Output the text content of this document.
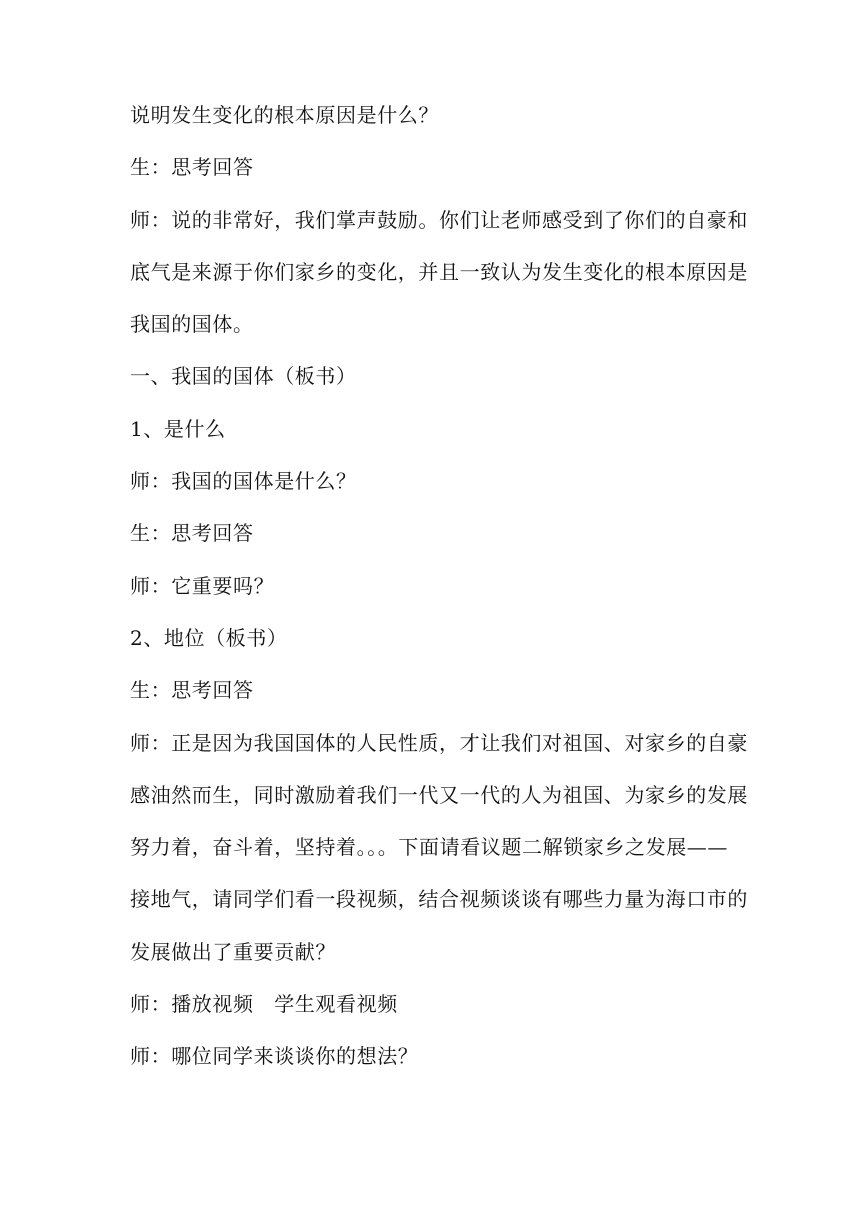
说明发生变化的根本原因是什么？

生：思考回答

师：说的非常好，我们掌声鼓励。你们让老师感受到了你们的自豪和

底气是来源于你们家乡的变化，并且一致认为发生变化的根本原因是

我国的国体。

一、我国的国体（板书）

1、是什么

师：我国的国体是什么？

生：思考回答

师：它重要吗？

2、地位（板书）

生：思考回答

师：正是因为我国国体的人民性质，才让我们对祖国、对家乡的自豪

感油然而生，同时激励着我们一代又一代的人为祖国、为家乡的发展

努力着，奋斗着，坚持着。。。下面请看议题二解锁家乡之发展——

接地气，请同学们看一段视频，结合视频谈谈有哪些力量为海口市的

发展做出了重要贡献？

师：播放视频　学生观看视频

师：哪位同学来谈谈你的想法？
